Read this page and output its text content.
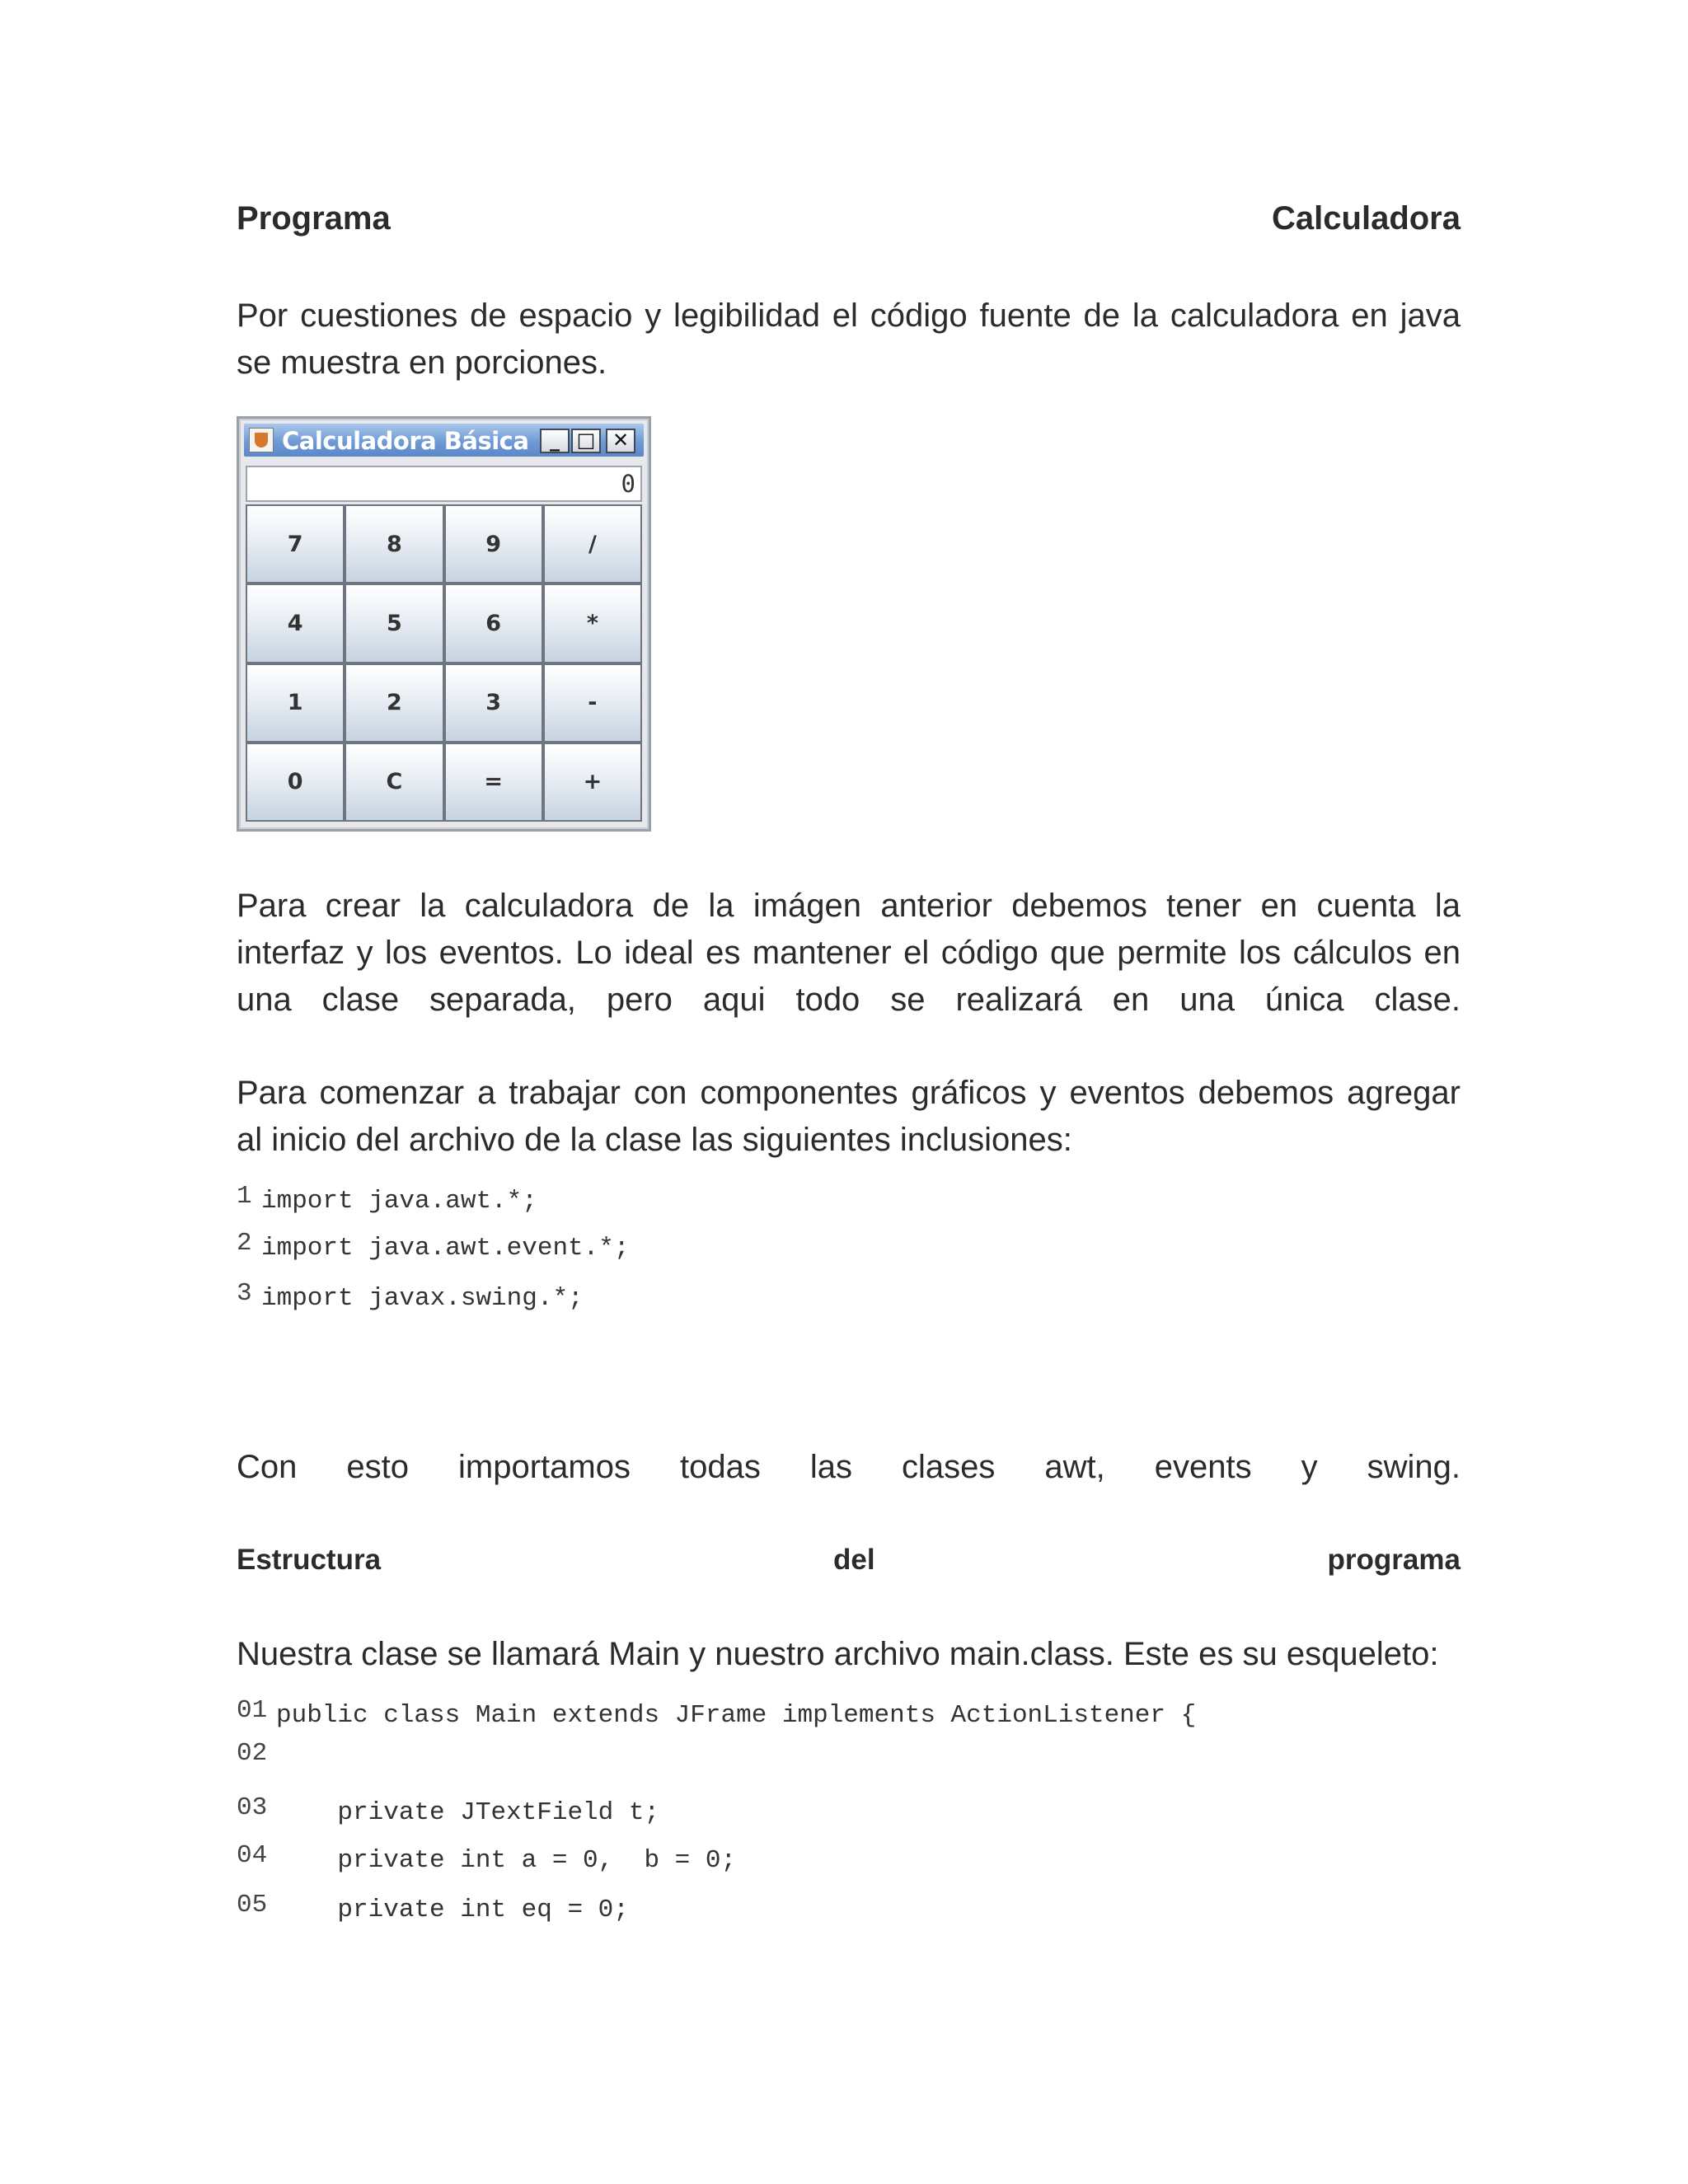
Programa	Calculadora
Por cuestiones de espacio y legibilidad el código fuente de la calculadora en java
se muestra en porciones.
Para crear la calculadora de la imágen anterior debemos tener en cuenta la
interfaz y los eventos. Lo ideal es mantener el código que permite los cálculos en
una clase separada, pero aqui todo se realizará en una única clase.
Para comenzar a trabajar con componentes gráficos y eventos debemos agregar
al inicio del archivo de la clase las siguientes inclusiones:
1 import java.awt.*;
2 import java.awt.event.*;
3 import javax.swing.*;
Con esto importamos todas las clases awt, events y swing.
Estructura	del	programa
Nuestra clase se llamará Main y nuestro archivo main.class. Este es su esqueleto:
01 public class Main extends JFrame implements ActionListener {
02
03    private JTextField t;
04    private int a = 0,  b = 0;
05    private int eq = 0;
Calculadora Básica	_ □ ✕
0
7	8	9	/
4	5	6	*
1	2	3	-
0	C	=	+
